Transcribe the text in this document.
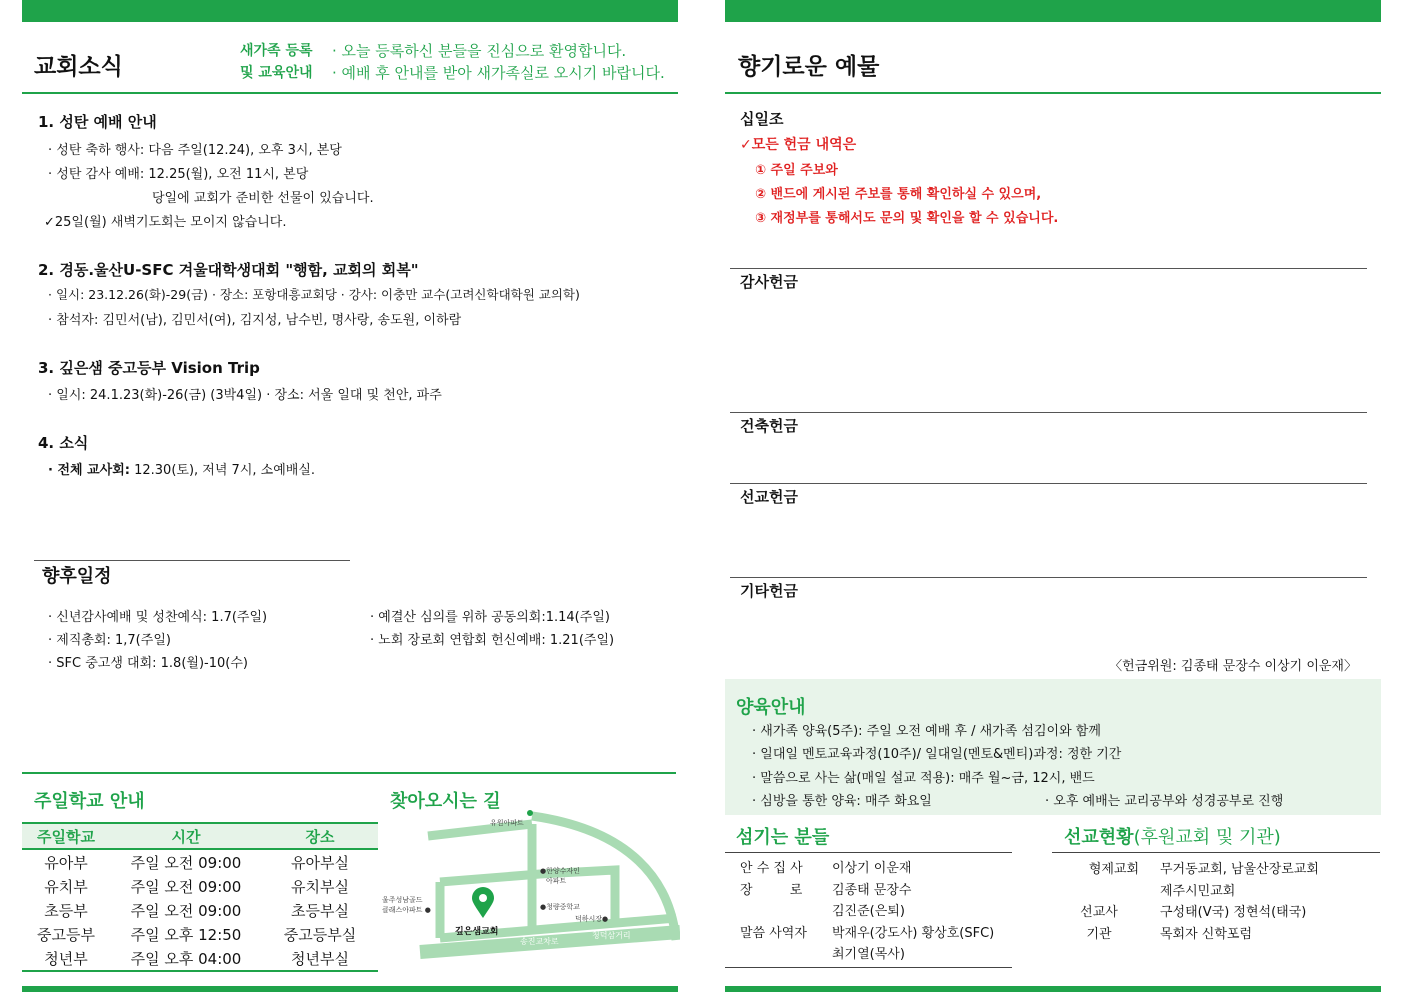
교회소식
새가족 등록
및 교육안내
· 오늘 등록하신 분들을 진심으로 환영합니다.
· 예배 후 안내를 받아 새가족실로 오시기 바랍니다.
1. 성탄 예배 안내
· 성탄 축하 행사: 다음 주일(12.24), 오후 3시, 본당
· 성탄 감사 예배: 12.25(월), 오전 11시, 본당
당일에 교회가 준비한 선물이 있습니다.
✓25일(월) 새벽기도회는 모이지 않습니다.
2. 경동.울산U-SFC 겨울대학생대회 "행함, 교회의 회복"
· 일시: 23.12.26(화)-29(금) · 장소: 포항대흥교회당 · 강사: 이충만 교수(고려신학대학원 교의학)
· 참석자: 김민서(남), 김민서(여), 김지성, 남수빈, 명사랑, 송도원, 이하람
3. 깊은샘 중고등부 Vision Trip
· 일시: 24.1.23(화)-26(금) (3박4일) · 장소: 서울 일대 및 천안, 파주
4. 소식
· 전체 교사회: 12.30(토), 저녁 7시, 소예배실.
향후일정
· 신년감사예배 및 성찬예식: 1.7(주일)
· 제직총회: 1,7(주일)
· SFC 중고생 대회: 1.8(월)-10(수)
· 예결산 심의를 위하 공동의회:1.14(주일)
· 노회 장로회 연합회 헌신예배: 1.21(주일)
주일학교 안내
주일학교	시간	장소
유아부	주일 오전 09:00	유아부실
유치부	주일 오전 09:00	유치부실
초등부	주일 오전 09:00	초등부실
중고등부	주일 오후 12:50	중고등부실
청년부	주일 오후 04:00	청년부실
찾아오시는 길
유원아파트
●한양수자인
아파트
울주성남골드
클래스아파트 ●	●청량중학교
덕하시장●
깊은샘교회
송진교차로
청덕삼거리
향기로운 예물
십일조
✓모든 헌금 내역은
① 주일 주보와
② 밴드에 게시된 주보를 통해 확인하실 수 있으며,
③ 재정부를 통해서도 문의 및 확인을 할 수 있습니다.
감사헌금
건축헌금
선교헌금
기타헌금
〈헌금위원: 김종태 문장수 이상기 이운재〉
양육안내
· 새가족 양육(5주): 주일 오전 예배 후 / 새가족 섬김이와 함께
· 일대일 멘토교육과정(10주)/ 일대일(멘토&멘티)과정: 정한 기간
· 말씀으로 사는 삶(매일 설교 적용): 매주 월~금, 12시, 밴드
· 심방을 통한 양육: 매주 화요일	· 오후 예배는 교리공부와 성경공부로 진행
섬기는 분들
안 수 집 사 이상기 이운재
장         로 김종태 문장수
김진준(은퇴)
말씀 사역자 박재우(강도사) 황상호(SFC)
최기열(목사)
선교현황(후원교회 및 기관)
형제교회 무거동교회, 남울산장로교회
제주시민교회
선교사	구성태(V국) 정현석(태국)
기관	목회자 신학포럼
